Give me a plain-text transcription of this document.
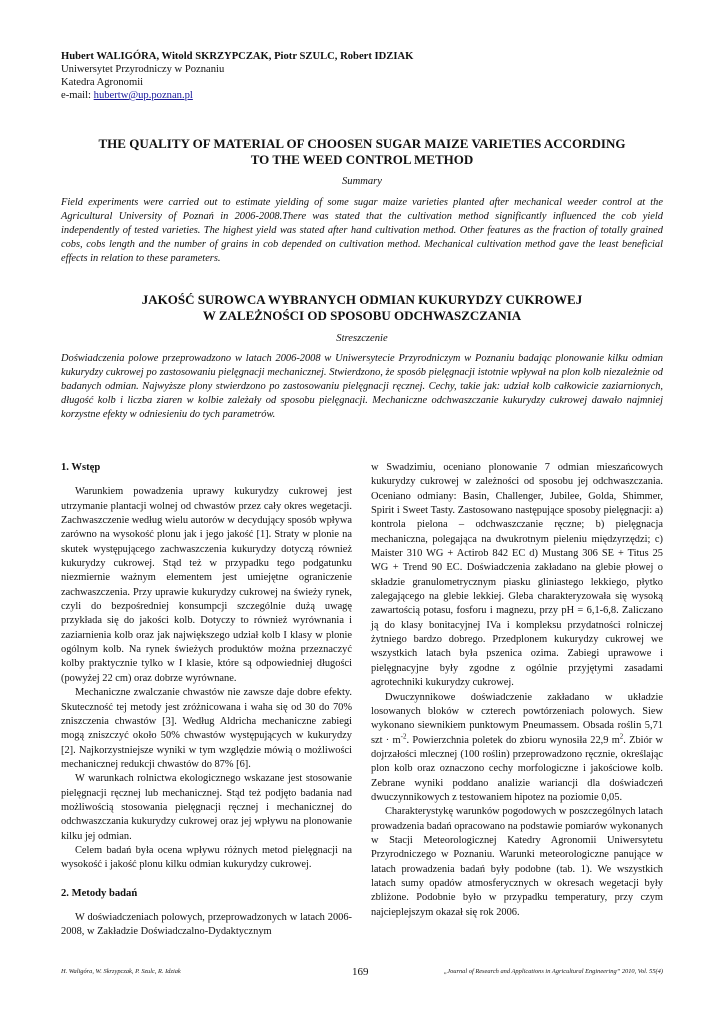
Hubert WALIGÓRA, Witold SKRZYPCZAK, Piotr SZULC, Robert IDZIAK
Uniwersytet Przyrodniczy w Poznaniu
Katedra Agronomii
e-mail: hubertw@up.poznan.pl
THE QUALITY OF MATERIAL OF CHOOSEN SUGAR MAIZE VARIETIES ACCORDING
TO THE WEED CONTROL METHOD
Summary
Field experiments were carried out to estimate yielding of some sugar maize varieties planted after mechanical weeder control at the Agricultural University of Poznań in 2006-2008.There was stated that the cultivation method significantly influenced the cob yield independently of tested varieties. The highest yield was stated after hand cultivation method. Other features as the fraction of totally grained cobs, cobs length and the number of grains in cob depended on cultivation method. Mechanical cultivation method gave the least beneficial effects in relation to these parameters.
JAKOŚĆ SUROWCA WYBRANYCH ODMIAN KUKURYDZY CUKROWEJ
W ZALEŻNOŚCI OD SPOSOBU ODCHWASZCZANIA
Streszczenie
Doświadczenia polowe przeprowadzono w latach 2006-2008 w Uniwersytecie Przyrodniczym w Poznaniu badając plonowanie kilku odmian kukurydzy cukrowej po zastosowaniu pielęgnacji mechanicznej. Stwierdzono, że sposób pielęgnacji istotnie wpływał na plon kolb niezależnie od badanych odmian. Najwyższe plony stwierdzono po zastosowaniu pielęgnacji ręcznej. Cechy, takie jak: udział kolb całkowicie zaziarnionych, długość kolb i liczba ziaren w kolbie zależały od sposobu pielęgnacji. Mechaniczne odchwaszczanie kukurydzy cukrowej dawało najmniej korzystne efekty w odniesieniu do tych parametrów.
1. Wstęp

Warunkiem powadzenia uprawy kukurydzy cukrowej jest utrzymanie plantacji wolnej od chwastów przez cały okres wegetacji. Zachwaszczenie według wielu autorów w decydujący sposób wpływa zarówno na wysokość plonu jak i jego jakość [1]. Straty w plonie na skutek występującego zachwaszczenia kukurydzy dotyczą również kukurydzy cukrowej. Stąd też w przypadku tego podgatunku niezmiernie ważnym elementem jest umiejętne ograniczenie zachwaszczenia. Przy uprawie kukurydzy cukrowej na świeży rynek, czyli do bezpośredniej konsumpcji szczególnie dużą uwagę przykłada się do jakości kolb. Dotyczy to również wyrównania i zaziarnienia kolb oraz jak największego udział kolb I klasy w plonie ogólnym kolb. Na rynek świeżych produktów można przeznaczyć kolby praktycznie tylko w I klasie, które są odpowiedniej długości (powyżej 22 cm) oraz dobrze wyrównane.

Mechaniczne zwalczanie chwastów nie zawsze daje dobre efekty. Skuteczność tej metody jest zróżnicowana i waha się od 30 do 70% zniszczenia chwastów [3]. Według Aldricha mechaniczne zabiegi mogą zniszczyć około 50% chwastów występujących w kukurydzy [2]. Najkorzystniejsze wyniki w tym względzie mówią o możliwości mechanicznej redukcji chwastów do 87% [6].

W warunkach rolnictwa ekologicznego wskazane jest stosowanie pielęgnacji ręcznej lub mechanicznej. Stąd też podjęto badania nad możliwością stosowania pielęgnacji ręcznej i mechanicznej do odchwaszczania kukurydzy cukrowej oraz jej wpływu na plonowanie kilku jej odmian.

Celem badań była ocena wpływu różnych metod pielęgnacji na wysokość i jakość plonu kilku odmian kukurydzy cukrowej.

2. Metody badań

W doświadczeniach polowych, przeprowadzonych w latach 2006-2008, w Zakładzie Doświadczalno-Dydaktycznym

w Swadzimiu, oceniano plonowanie 7 odmian mieszańcowych kukurydzy cukrowej w zależności od sposobu jej odchwaszczania. Oceniano odmiany: Basin, Challenger, Jubilee, Golda, Shimmer, Spirit i Sweet Tasty. Zastosowano następujące sposoby pielęgnacji: a) kontrola pielona – odchwaszczanie ręczne; b) pielęgnacja mechaniczna, polegająca na dwukrotnym pieleniu międzyrzędzi; c) Maister 310 WG + Actirob 842 EC d) Mustang 306 SE + Titus 25 WG + Trend 90 EC. Doświadczenia zakładano na glebie płowej o składzie granulometrycznym piasku gliniastego lekkiego, płytko zalegającego na glebie lekkiej. Gleba charakteryzowała się wysoką zawartością potasu, fosforu i magnezu, przy pH = 6,1-6,8. Zaliczano ją do klasy bonitacyjnej IVa i kompleksu przydatności rolniczej żytniego bardzo dobrego. Przedplonem kukurydzy cukrowej we wszystkich latach była pszenica ozima. Zabiegi uprawowe i pielęgnacyjne były zgodne z ogólnie przyjętymi zasadami agrotechniki kukurydzy cukrowej.

Dwuczynnikowe doświadczenie zakładano w układzie losowanych bloków w czterech powtórzeniach polowych. Siew wykonano siewnikiem punktowym Pneumassem. Obsada roślin 5,71 szt · $m^{-2}$. Powierzchnia poletek do zbioru wynosiła 22,9 $m^2$. Zbiór w dojrzałości mlecznej (100 roślin) przeprowadzono ręcznie, określając plon kolb oraz oznaczono cechy morfologiczne i jakościowe kolb. Zebrane wyniki poddano analizie wariancji dla doświadczeń dwuczynnikowych z testowaniem hipotez na poziomie 0,05.

Charakterystykę warunków pogodowych w poszczególnych latach prowadzenia badań opracowano na podstawie pomiarów wykonanych w Stacji Meteorologicznej Katedry Agronomii Uniwersytetu Przyrodniczego w Poznaniu. Warunki meteorologiczne panujące w latach prowadzenia badań były podobne (tab. 1). We wszystkich latach sumy opadów atmosferycznych w okresach wegetacji były zbliżone. Podobnie było w przypadku temperatury, przy czym najcieplejszym okazał się rok 2006.

H. Waligóra, W. Skrzypczak, P. Szulc, R. Idziak	169	„Journal of Research and Applications in Agricultural Engineering” 2010, Vol. 55(4)
